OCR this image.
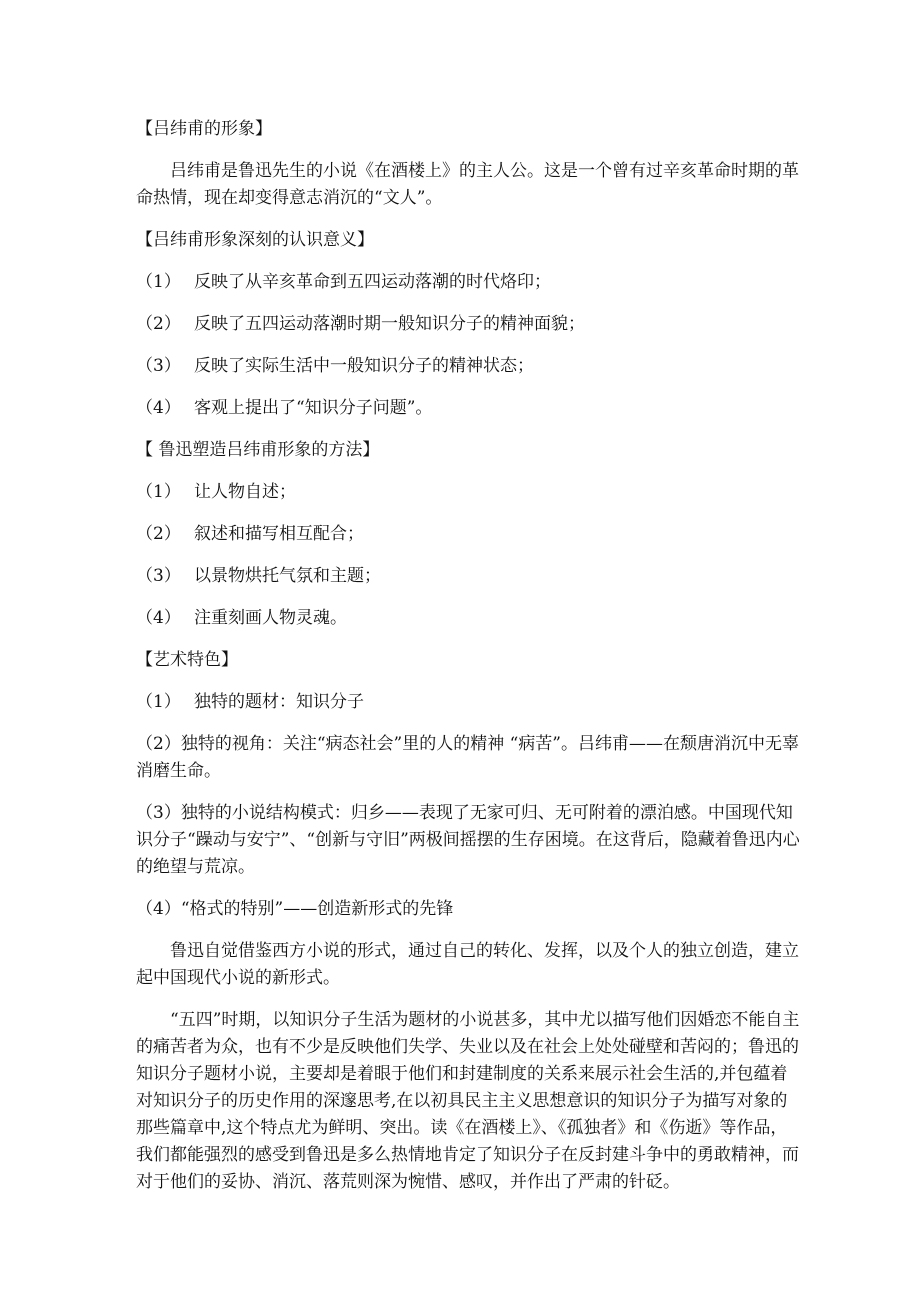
【吕纬甫的形象】

吕纬甫是鲁迅先生的小说《在酒楼上》的主人公。这是一个曾有过辛亥革命时期的革命热情，现在却变得意志消沉的“文人”。

【吕纬甫形象深刻的认识意义】

（1） 反映了从辛亥革命到五四运动落潮的时代烙印；

（2） 反映了五四运动落潮时期一般知识分子的精神面貌；

（3） 反映了实际生活中一般知识分子的精神状态；

（4） 客观上提出了“知识分子问题”。

【 鲁迅塑造吕纬甫形象的方法】

（1） 让人物自述；

（2） 叙述和描写相互配合；

（3） 以景物烘托气氛和主题；

（4） 注重刻画人物灵魂。

【艺术特色】

（1） 独特的题材：知识分子

（2）独特的视角：关注“病态社会”里的人的精神 “病苦”。吕纬甫——在颓唐消沉中无辜消磨生命。

（3）独特的小说结构模式：归乡——表现了无家可归、无可附着的漂泊感。中国现代知识分子“躁动与安宁”、“创新与守旧”两极间摇摆的生存困境。在这背后，隐藏着鲁迅内心的绝望与荒凉。

（4）“格式的特别”——创造新形式的先锋

鲁迅自觉借鉴西方小说的形式，通过自己的转化、发挥，以及个人的独立创造，建立起中国现代小说的新形式。

“五四”时期，以知识分子生活为题材的小说甚多，其中尤以描写他们因婚恋不能自主的痛苦者为众，也有不少是反映他们失学、失业以及在社会上处处碰壁和苦闷的；鲁迅的知识分子题材小说，主要却是着眼于他们和封建制度的关系来展示社会生活的,并包蕴着对知识分子的历史作用的深邃思考,在以初具民主主义思想意识的知识分子为描写对象的那些篇章中,这个特点尤为鲜明、突出。读《在酒楼上》、《孤独者》和《伤逝》等作品，我们都能强烈的感受到鲁迅是多么热情地肯定了知识分子在反封建斗争中的勇敢精神，而对于他们的妥协、消沉、落荒则深为惋惜、感叹，并作出了严肃的针砭。
